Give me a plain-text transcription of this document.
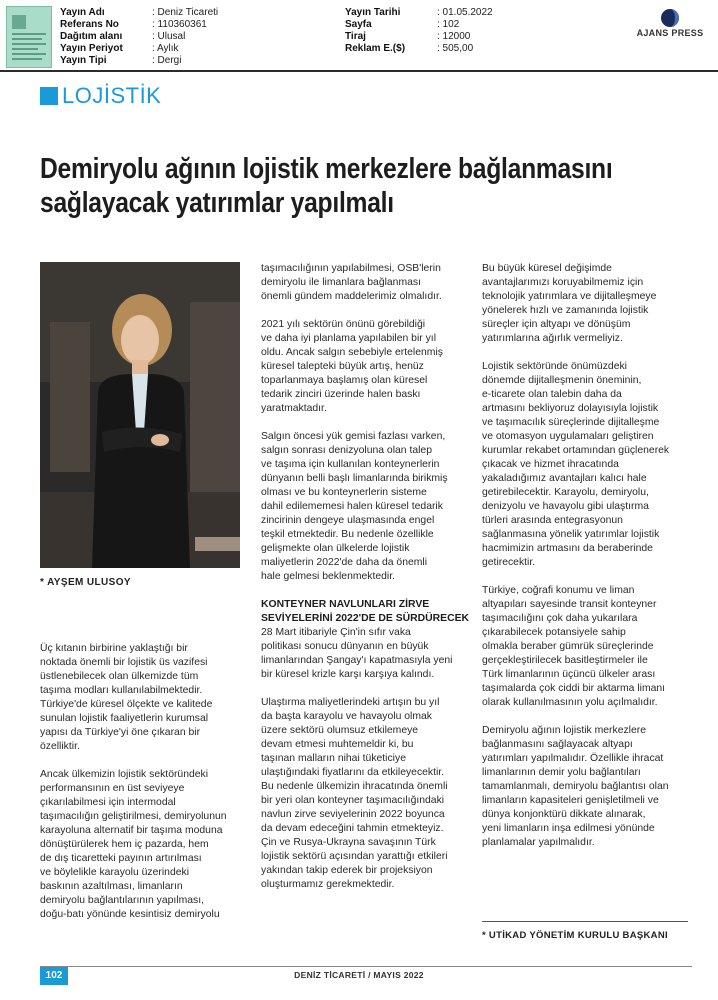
Yayın Adı	: Deniz Ticareti
Referans No	: 110360361
Dağıtım alanı	: Ulusal
Yayın Periyot	: Aylık
Yayın Tipi	: Dergi
Yayın Tarihi	: 01.05.2022
Sayfa	: 102
Tiraj	: 12000
Reklam E.($)	: 505,00
AJANS PRESS
LOJİSTİK
Demiryolu ağının lojistik merkezlere bağlanmasını
sağlayacak yatırımlar yapılmalı
* AYŞEM ULUSOY

Üç kıtanın birbirine yaklaştığı bir
noktada önemli bir lojistik üs vazifesi
üstlenebilecek olan ülkemizde tüm
taşıma modları kullanılabilmektedir.
Türkiye'de küresel ölçekte ve kalitede
sunulan lojistik faaliyetlerin kurumsal
yapısı da Türkiye'yi öne çıkaran bir
özelliktir.

Ancak ülkemizin lojistik sektöründeki
performansının en üst seviyeye
çıkarılabilmesi için intermodal
taşımacılığın geliştirilmesi, demiryolunun
karayoluna alternatif bir taşıma moduna
dönüştürülerek hem iç pazarda, hem
de dış ticaretteki payının artırılması
ve böylelikle karayolu üzerindeki
baskının azaltılması, limanların
demiryolu bağlantılarının yapılması,
doğu-batı yönünde kesintisiz demiryolu

taşımacılığının yapılabilmesi, OSB'lerin
demiryolu ile limanlara bağlanması
önemli gündem maddelerimiz olmalıdır.

2021 yılı sektörün önünü görebildiği
ve daha iyi planlama yapılabilen bir yıl
oldu. Ancak salgın sebebiyle ertelenmiş
küresel talepteki büyük artış, henüz
toparlanmaya başlamış olan küresel
tedarik zinciri üzerinde halen baskı
yaratmaktadır.

Salgın öncesi yük gemisi fazlası varken,
salgın sonrası denizyoluna olan talep
ve taşıma için kullanılan konteynerlerin
dünyanın belli başlı limanlarında birikmiş
olması ve bu konteynerlerin sisteme
dahil edilememesi halen küresel tedarik
zincirinin dengeye ulaşmasında engel
teşkil etmektedir. Bu nedenle özellikle
gelişmekte olan ülkelerde lojistik
maliyetlerin 2022'de daha da önemli
hale gelmesi beklenmektedir.

KONTEYNER NAVLUNLARI ZİRVE
SEVİYELERİNİ 2022'DE DE SÜRDÜRECEK

28 Mart itibariyle Çin'in sıfır vaka
politikası sonucu dünyanın en büyük
limanlarından Şangay'ı kapatmasıyla yeni
bir küresel krizle karşı karşıya kalındı.

Ulaştırma maliyetlerindeki artışın bu yıl
da başta karayolu ve havayolu olmak
üzere sektörü olumsuz etkilemeye
devam etmesi muhtemeldir ki, bu
taşınan malların nihai tüketiciye
ulaştığındaki fiyatlarını da etkileyecektir.
Bu nedenle ülkemizin ihracatında önemli
bir yeri olan konteyner taşımacılığındaki
navlun zirve seviyelerinin 2022 boyunca
da devam edeceğini tahmin etmekteyiz.
Çin ve Rusya-Ukrayna savaşının Türk
lojistik sektörü açısından yarattığı etkileri
yakından takip ederek bir projeksiyon
oluşturmamız gerekmektedir.

Bu büyük küresel değişimde
avantajlarımızı koruyabilmemiz için
teknolojik yatırımlara ve dijitalleşmeye
yönelerek hızlı ve zamanında lojistik
süreçler için altyapı ve dönüşüm
yatırımlarına ağırlık vermeliyiz.

Lojistik sektöründe önümüzdeki
dönemde dijitalleşmenin öneminin,
e-ticarete olan talebin daha da
artmasını bekliyoruz dolayısıyla lojistik
ve taşımacılık süreçlerinde dijitalleşme
ve otomasyon uygulamaları geliştiren
kurumlar rekabet ortamından güçlenerek
çıkacak ve hizmet ihracatında
yakaladığımız avantajları kalıcı hale
getirebilecektir. Karayolu, demiryolu,
denizyolu ve havayolu gibi ulaştırma
türleri arasında entegrasyonun
sağlanmasına yönelik yatırımlar lojistik
hacmimizin artmasını da beraberinde
getirecektir.

Türkiye, coğrafi konumu ve liman
altyapıları sayesinde transit konteyner
taşımacılığını çok daha yukarılara
çıkarabilecek potansiyele sahip
olmakla beraber gümrük süreçlerinde
gerçekleştirilecek basitleştirmeler ile
Türk limanlarının üçüncü ülkeler arası
taşımalarda çok ciddi bir aktarma limanı
olarak kullanılmasının yolu açılmalıdır.

Demiryolu ağının lojistik merkezlere
bağlanmasını sağlayacak altyapı
yatırımları yapılmalıdır. Özellikle ihracat
limanlarının demir yolu bağlantıları
tamamlanmalı, demiryolu bağlantısı olan
limanların kapasiteleri genişletilmeli ve
dünya konjonktürü dikkate alınarak,
yeni limanların inşa edilmesi yönünde
planlamalar yapılmalıdır.

* UTİKAD YÖNETİM KURULU BAŞKANI
102	DENİZ TİCARETİ / MAYIS 2022
